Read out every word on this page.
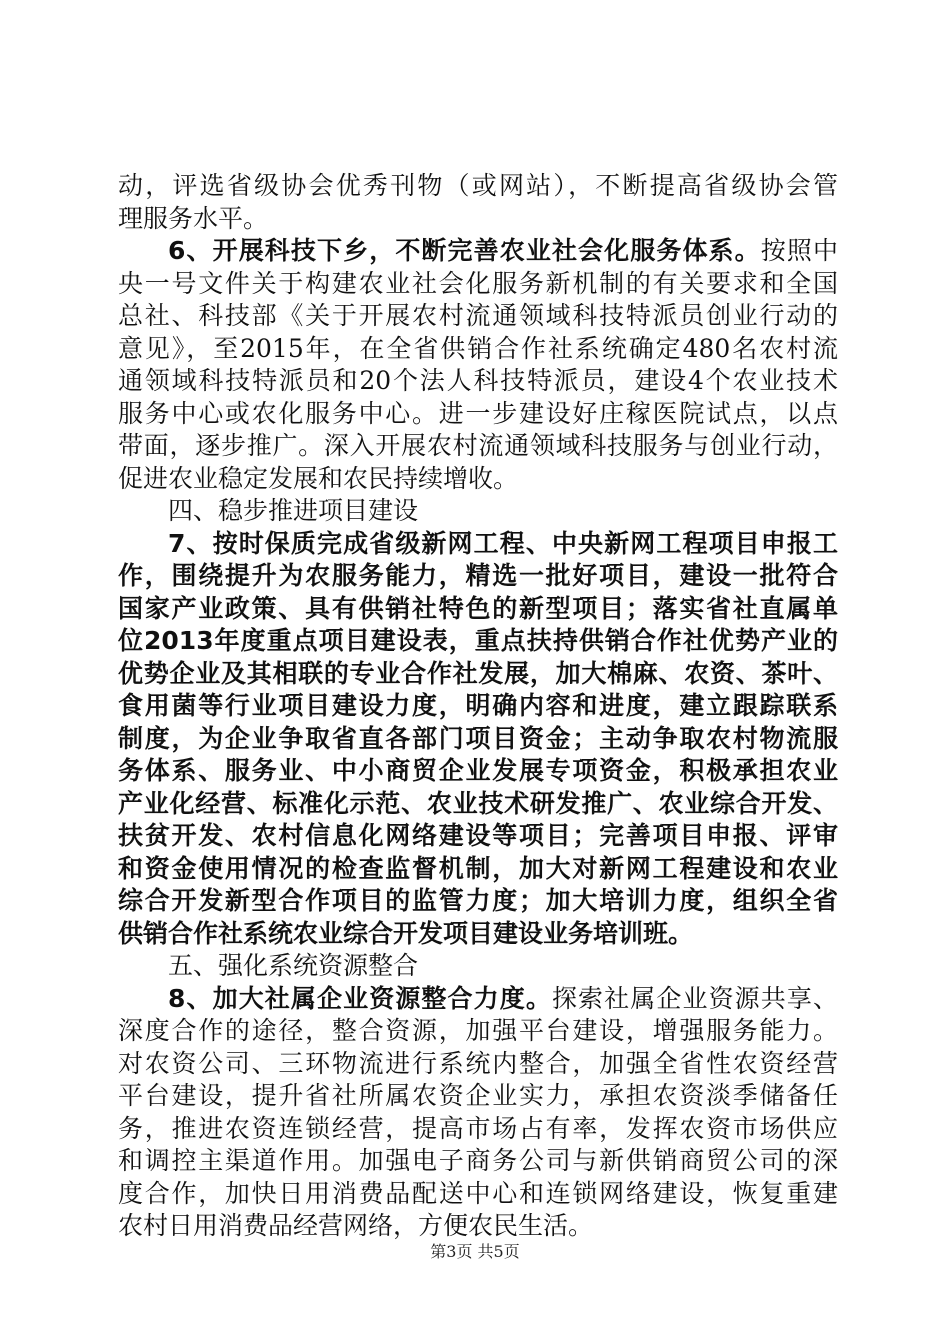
动，评选省级协会优秀刊物（或网站），不断提高省级协会管
理服务水平。
6、开展科技下乡，不断完善农业社会化服务体系。按照中
央一号文件关于构建农业社会化服务新机制的有关要求和全国
总社、科技部《关于开展农村流通领域科技特派员创业行动的
意见》，至2015年，在全省供销合作社系统确定480名农村流
通领域科技特派员和20个法人科技特派员，建设4个农业技术
服务中心或农化服务中心。进一步建设好庄稼医院试点，以点
带面，逐步推广。深入开展农村流通领域科技服务与创业行动，
促进农业稳定发展和农民持续增收。
四、稳步推进项目建设
7、按时保质完成省级新网工程、中央新网工程项目申报工
作，围绕提升为农服务能力，精选一批好项目，建设一批符合
国家产业政策、具有供销社特色的新型项目；落实省社直属单
位2013年度重点项目建设表，重点扶持供销合作社优势产业的
优势企业及其相联的专业合作社发展，加大棉麻、农资、茶叶、
食用菌等行业项目建设力度，明确内容和进度，建立跟踪联系
制度，为企业争取省直各部门项目资金；主动争取农村物流服
务体系、服务业、中小商贸企业发展专项资金，积极承担农业
产业化经营、标准化示范、农业技术研发推广、农业综合开发、
扶贫开发、农村信息化网络建设等项目；完善项目申报、评审
和资金使用情况的检查监督机制，加大对新网工程建设和农业
综合开发新型合作项目的监管力度；加大培训力度，组织全省
供销合作社系统农业综合开发项目建设业务培训班。
五、强化系统资源整合
8、加大社属企业资源整合力度。探索社属企业资源共享、
深度合作的途径，整合资源，加强平台建设，增强服务能力。
对农资公司、三环物流进行系统内整合，加强全省性农资经营
平台建设，提升省社所属农资企业实力，承担农资淡季储备任
务，推进农资连锁经营，提高市场占有率，发挥农资市场供应
和调控主渠道作用。加强电子商务公司与新供销商贸公司的深
度合作，加快日用消费品配送中心和连锁网络建设，恢复重建
农村日用消费品经营网络，方便农民生活。
第3页 共5页
